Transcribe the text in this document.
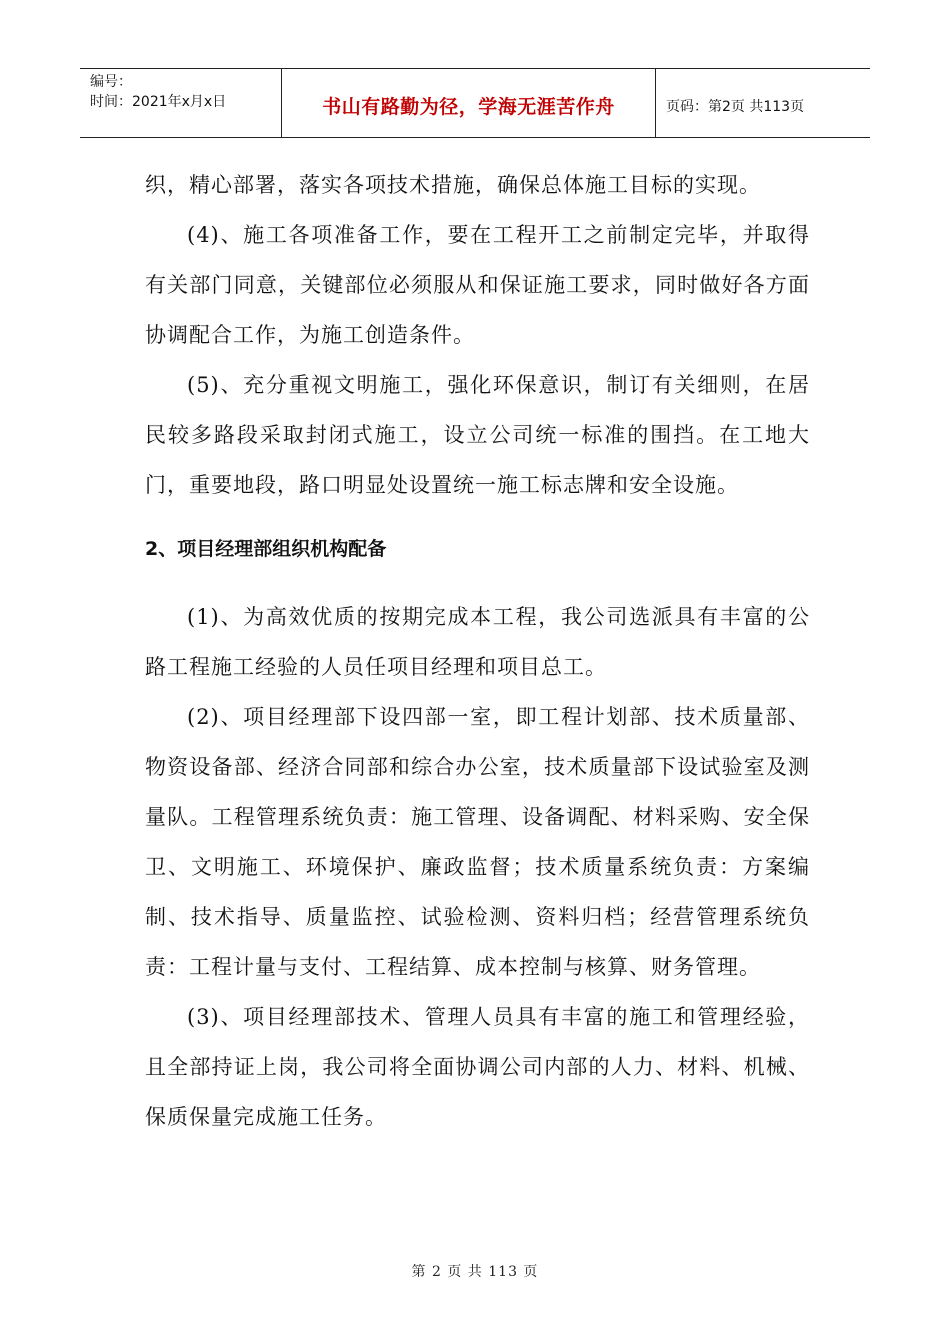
编号：
时间：2021年x月x日	书山有路勤为径，学海无涯苦作舟	页码：第2页 共113页

织，精心部署，落实各项技术措施，确保总体施工目标的实现。

(4)、施工各项准备工作，要在工程开工之前制定完毕，并取得有关部门同意，关键部位必须服从和保证施工要求，同时做好各方面协调配合工作，为施工创造条件。

(5)、充分重视文明施工，强化环保意识，制订有关细则，在居民较多路段采取封闭式施工，设立公司统一标准的围挡。在工地大门，重要地段，路口明显处设置统一施工标志牌和安全设施。

2、项目经理部组织机构配备

(1)、为高效优质的按期完成本工程，我公司选派具有丰富的公路工程施工经验的人员任项目经理和项目总工。

(2)、项目经理部下设四部一室，即工程计划部、技术质量部、物资设备部、经济合同部和综合办公室，技术质量部下设试验室及测量队。工程管理系统负责：施工管理、设备调配、材料采购、安全保卫、文明施工、环境保护、廉政监督；技术质量系统负责：方案编制、技术指导、质量监控、试验检测、资料归档；经营管理系统负责：工程计量与支付、工程结算、成本控制与核算、财务管理。

(3)、项目经理部技术、管理人员具有丰富的施工和管理经验，且全部持证上岗，我公司将全面协调公司内部的人力、材料、机械、保质保量完成施工任务。

第 2 页 共 113 页
